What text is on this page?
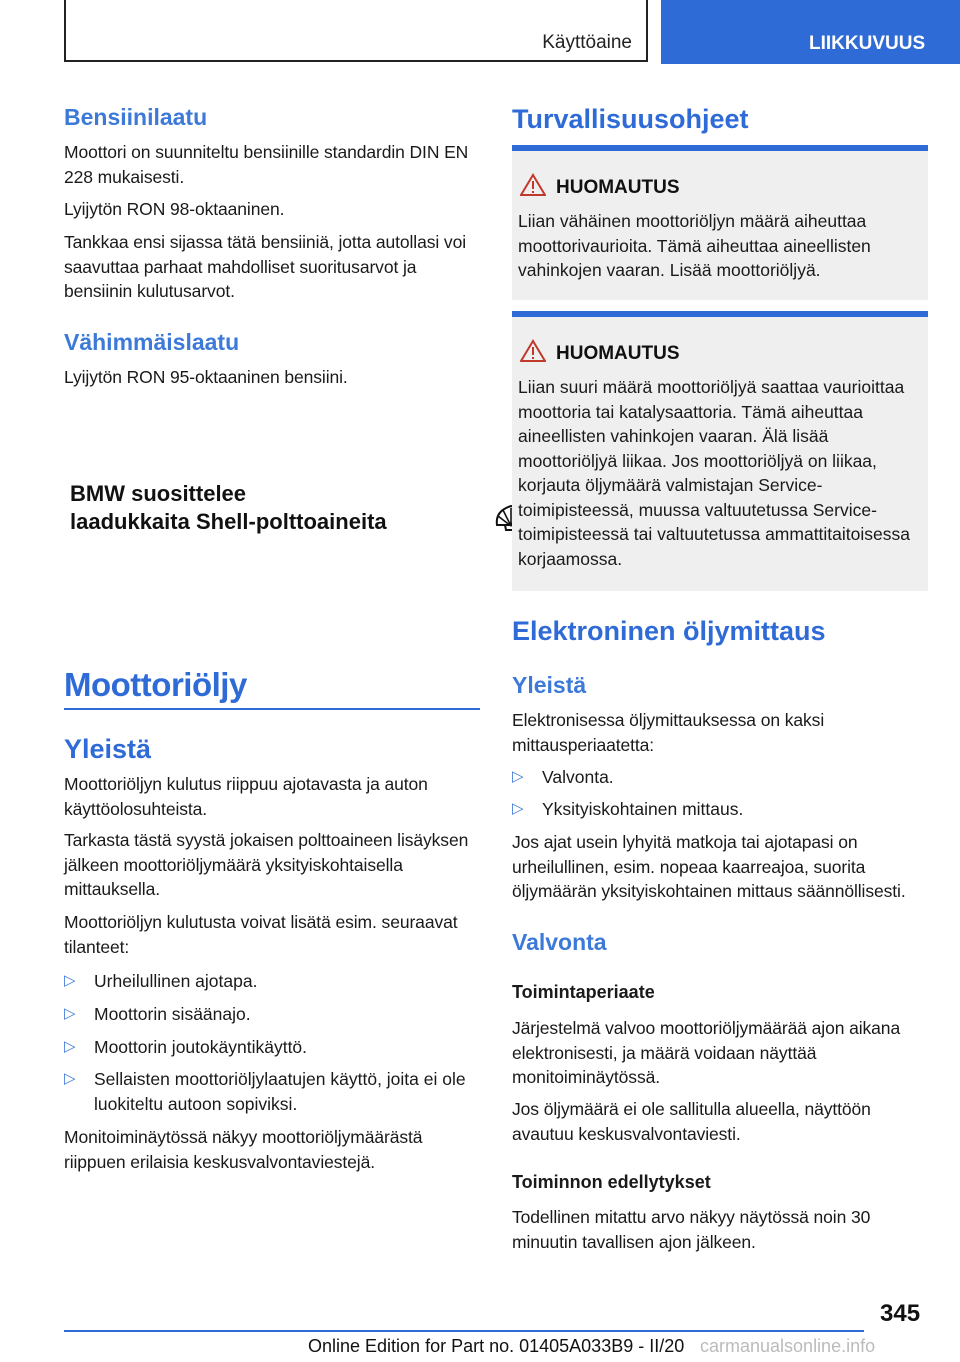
Käyttöaine	LIIKKUVUUS
Bensiinilaatu

Moottori on suunniteltu bensiinille standardin DIN EN 228 mukaisesti.

Lyijytön RON 98-oktaaninen.

Tankkaa ensi sijassa tätä bensiiniä, jotta autollasi voi saavuttaa parhaat mahdolliset suoritusarvot ja bensiinin kulutusarvot.

Vähimmäislaatu

Lyijytön RON 95-oktaaninen bensiini.

BMW suosittelee
laadukkaita Shell-polttoaineita
Moottoriöljy
Yleistä

Moottoriöljyn kulutus riippuu ajotavasta ja auton käyttöolosuhteista.

Tarkasta tästä syystä jokaisen polttoaineen lisäyksen jälkeen moottoriöljymäärä yksityiskohtaisella mittauksella.

Moottoriöljyn kulutusta voivat lisätä esim. seuraavat tilanteet:

▷ Urheilullinen ajotapa.
▷ Moottorin sisäänajo.
▷ Moottorin joutokäyntikäyttö.
▷ Sellaisten moottoriöljylaatujen käyttö, joita ei ole luokiteltu autoon sopiviksi.

Monitoiminäytössä näkyy moottoriöljymäärästä riippuen erilaisia keskusvalvontaviestejä.

Turvallisuusohjeet
HUOMAUTUS
Liian vähäinen moottoriöljyn määrä aiheuttaa moottorivaurioita. Tämä aiheuttaa aineellisten vahinkojen vaaran. Lisää moottoriöljyä.
HUOMAUTUS
Liian suuri määrä moottoriöljyä saattaa vaurioittaa moottoria tai katalysaattoria. Tämä aiheuttaa aineellisten vahinkojen vaaran. Älä lisää moottoriöljyä liikaa. Jos moottoriöljyä on liikaa, korjauta öljymäärä valmistajan Service-toimipisteessä, muussa valtuutetussa Service-toimipisteessä tai valtuutetussa ammattitaitoisessa korjaamossa.
Elektroninen öljymittaus
Yleistä

Elektronisessa öljymittauksessa on kaksi mittausperiaatetta:

▷ Valvonta.
▷ Yksityiskohtainen mittaus.

Jos ajat usein lyhyitä matkoja tai ajotapasi on urheilullinen, esim. nopeaa kaarreajoa, suorita öljymäärän yksityiskohtainen mittaus säännöllisesti.

Valvonta
Toimintaperiaate

Järjestelmä valvoo moottoriöljymäärää ajon aikana elektronisesti, ja määrä voidaan näyttää monitoiminäytössä.

Jos öljymäärä ei ole sallitulla alueella, näyttöön avautuu keskusvalvontaviesti.

Toiminnon edellytykset

Todellinen mitattu arvo näkyy näytössä noin 30 minuutin tavallisen ajon jälkeen.

345
Online Edition for Part no. 01405A033B9 - II/20 carmanualsonline.info
